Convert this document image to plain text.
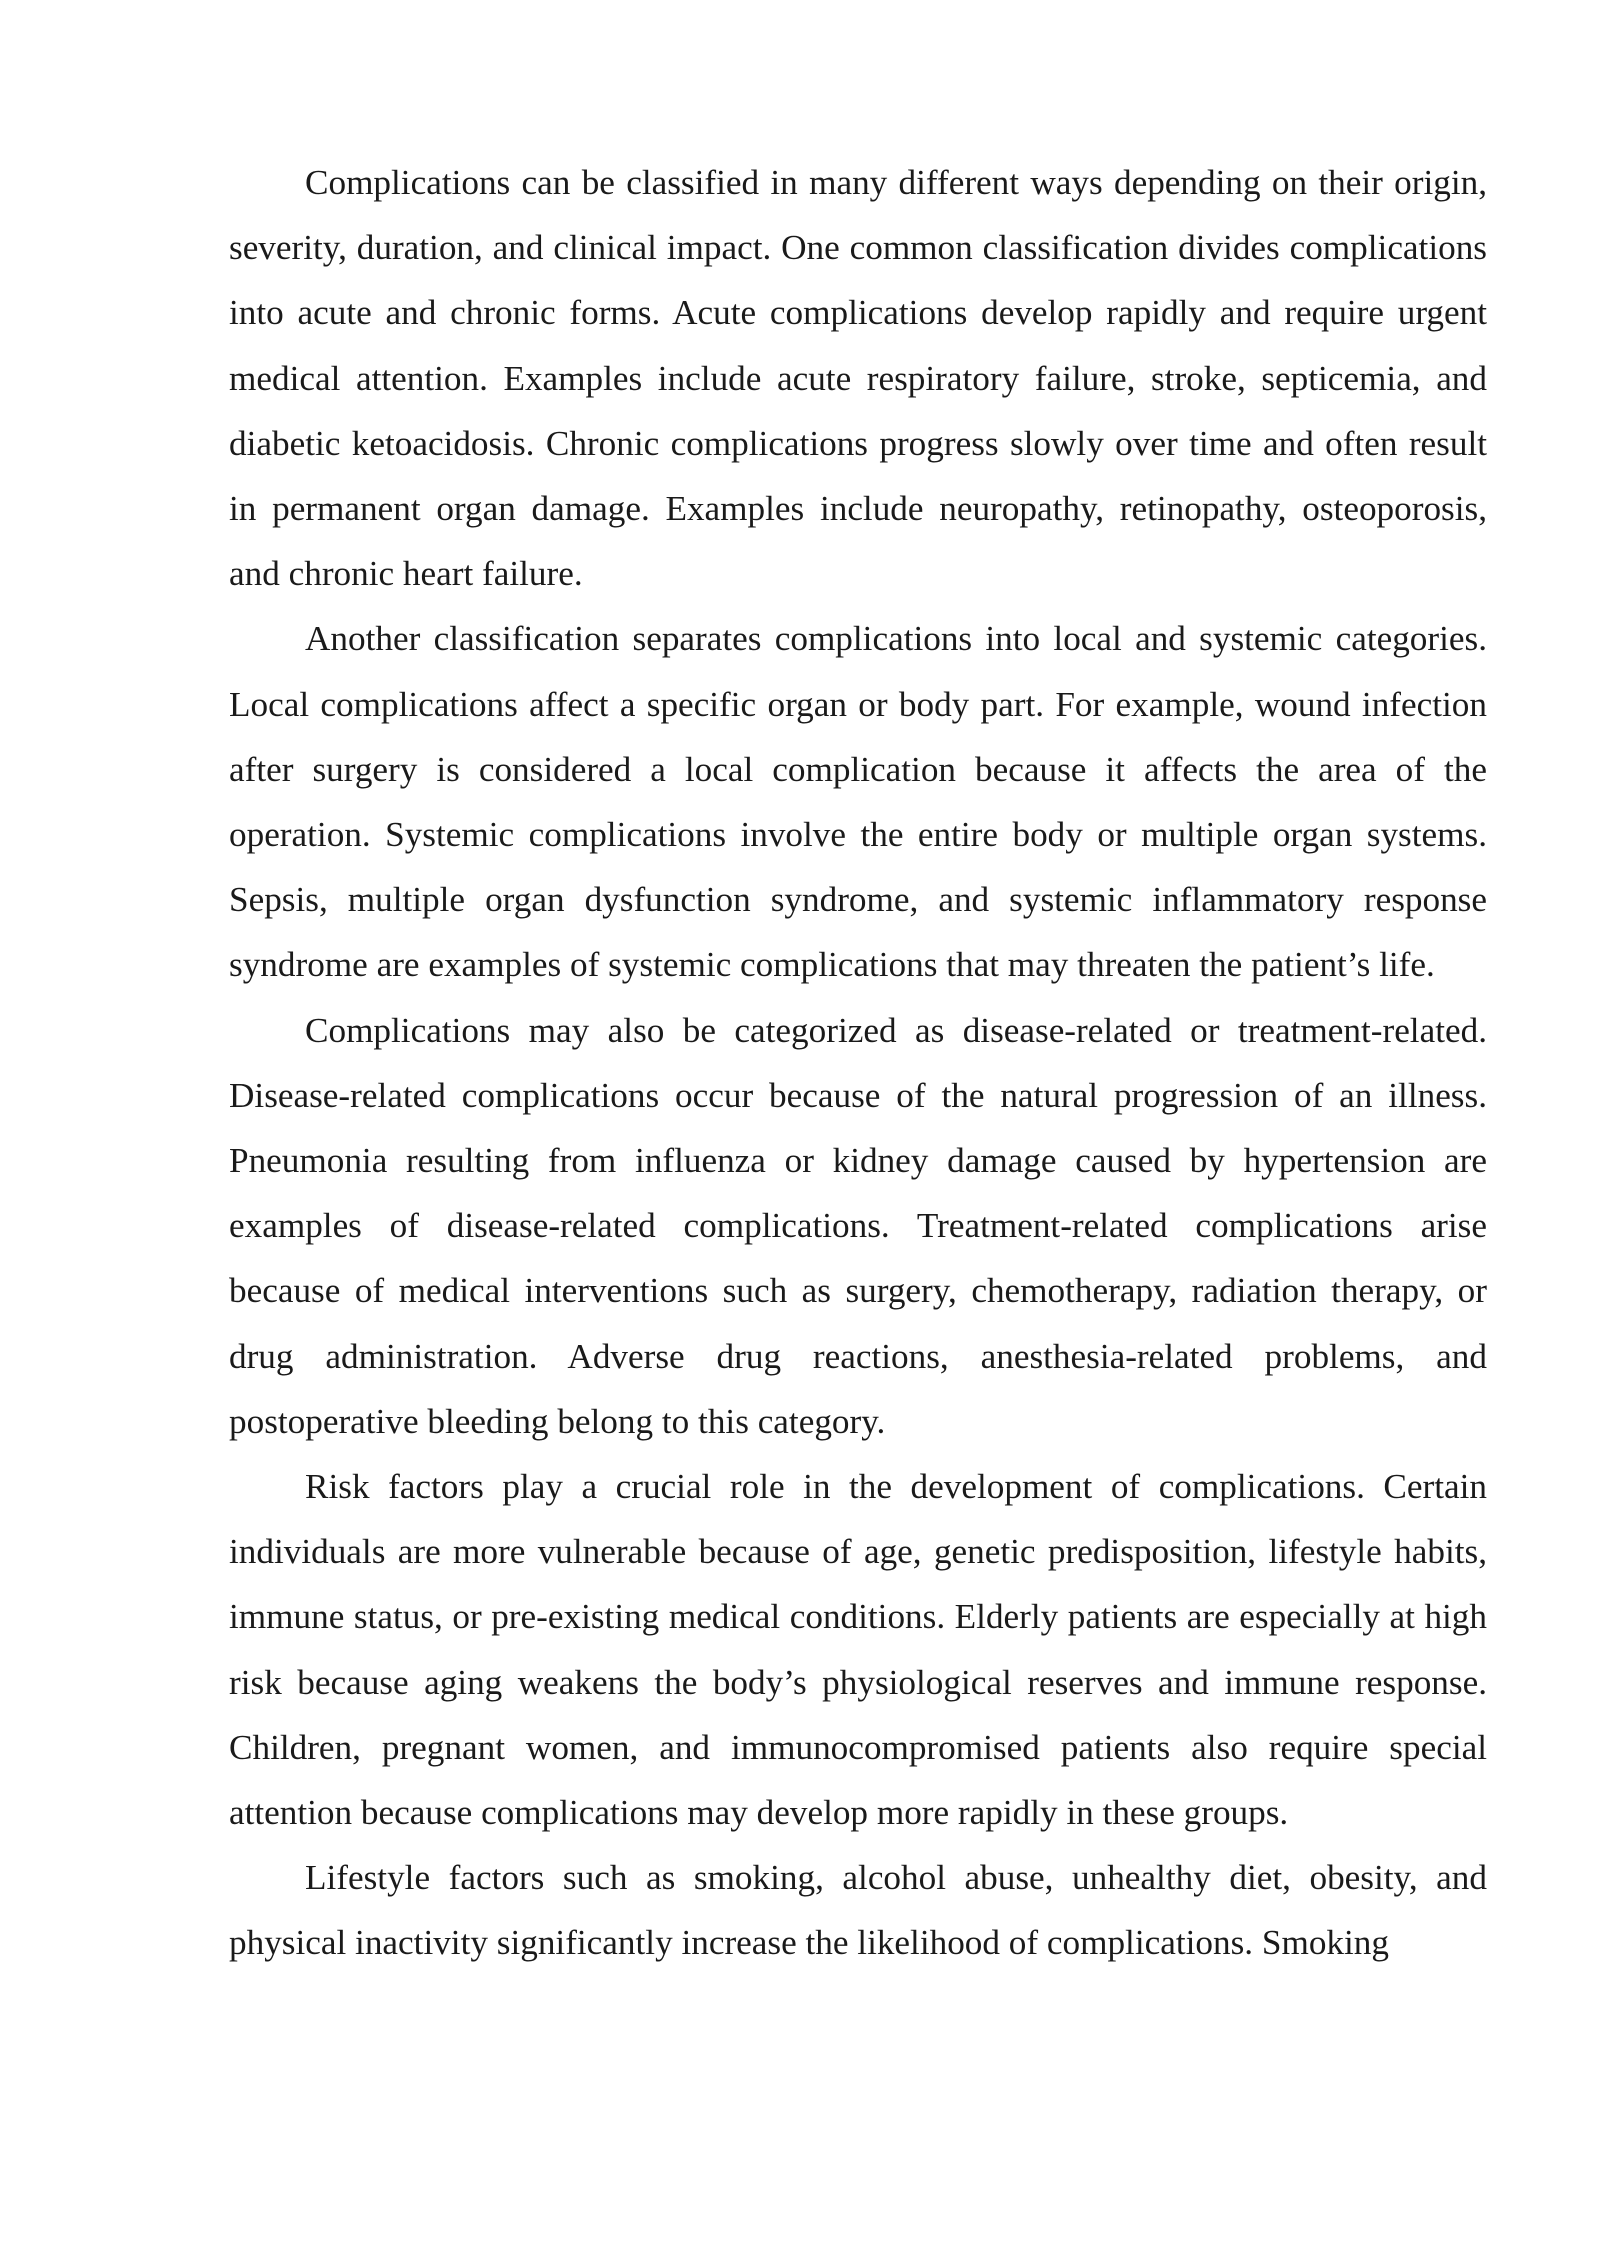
Complications can be classified in many different ways depending on their origin, severity, duration, and clinical impact. One common classification divides complications into acute and chronic forms. Acute complications develop rapidly and require urgent medical attention. Examples include acute respiratory failure, stroke, septicemia, and diabetic ketoacidosis. Chronic complications progress slowly over time and often result in permanent organ damage. Examples include neuropathy, retinopathy, osteoporosis, and chronic heart failure.

Another classification separates complications into local and systemic categories. Local complications affect a specific organ or body part. For example, wound infection after surgery is considered a local complication because it affects the area of the operation. Systemic complications involve the entire body or multiple organ systems. Sepsis, multiple organ dysfunction syndrome, and systemic inflammatory response syndrome are examples of systemic complications that may threaten the patient’s life.

Complications may also be categorized as disease-related or treatment-related. Disease-related complications occur because of the natural progression of an illness. Pneumonia resulting from influenza or kidney damage caused by hypertension are examples of disease-related complications. Treatment-related complications arise because of medical interventions such as surgery, chemotherapy, radiation therapy, or drug administration. Adverse drug reactions, anesthesia-related problems, and postoperative bleeding belong to this category.

Risk factors play a crucial role in the development of complications. Certain individuals are more vulnerable because of age, genetic predisposition, lifestyle habits, immune status, or pre-existing medical conditions. Elderly patients are especially at high risk because aging weakens the body’s physiological reserves and immune response. Children, pregnant women, and immunocompromised patients also require special attention because complications may develop more rapidly in these groups.

Lifestyle factors such as smoking, alcohol abuse, unhealthy diet, obesity, and physical inactivity significantly increase the likelihood of complications. Smoking
